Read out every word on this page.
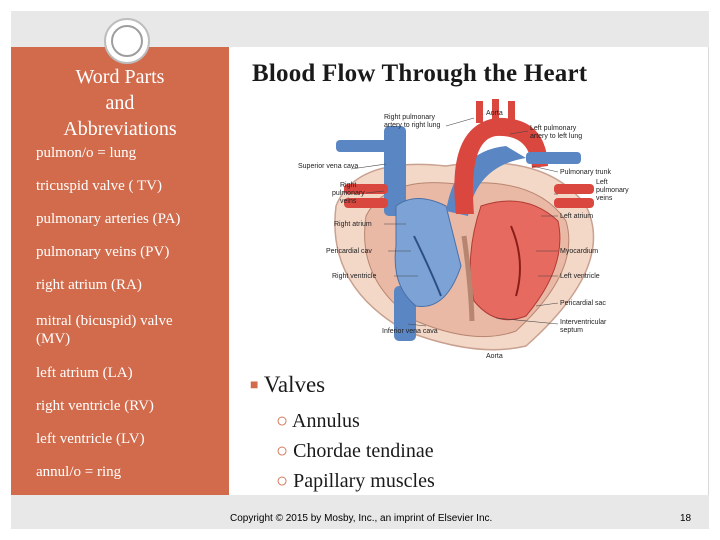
Word Parts
and
Abbreviations
pulmon/o = lung
tricuspid valve ( TV)
pulmonary arteries (PA)
pulmonary veins (PV)
right atrium (RA)
mitral (bicuspid) valve
(MV)
left atrium (LA)
right ventricle (RV)
left ventricle (LV)
annul/o = ring
Blood Flow Through the Heart
Aorta
Right pulmonary
artery to right lung	Left pulmonary
artery to left lung
Superior vena cava
Right
pulmonary
veins
Pulmonary trunk
Left
pulmonary
veins
Left atrium
Right atrium
Pericardial cav	Myocardium
Right ventricle	Left ventricle
Pericardial sac
Inferior vena cava
Interventricular
septum
Aorta
■ Valves
○ Annulus
○ Chordae tendinae
○ Papillary muscles
Copyright © 2015 by Mosby, Inc., an imprint of Elsevier Inc.	18
